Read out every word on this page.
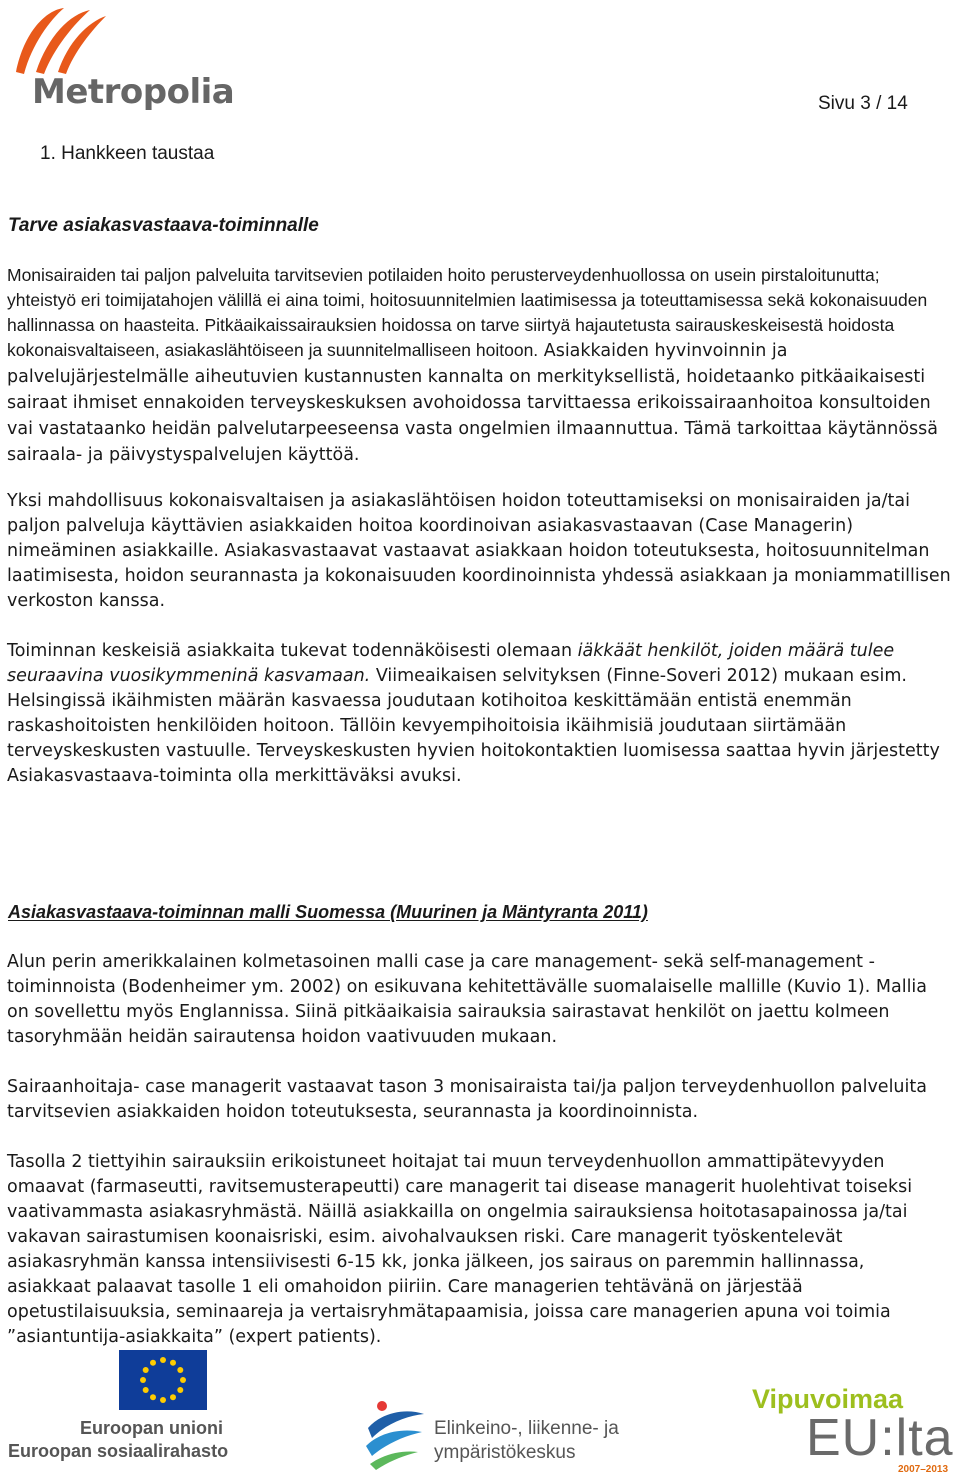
Metropolia	Sivu 3 / 14
1. Hankkeen taustaa
Tarve asiakasvastaava-toiminnalle

Monisairaiden tai paljon palveluita tarvitsevien potilaiden hoito perusterveydenhuollossa on usein pirstaloitunutta; yhteistyö eri toimijatahojen välillä ei aina toimi, hoitosuunnitelmien laatimisessa ja toteuttamisessa sekä kokonaisuuden hallinnassa on haasteita. Pitkäaikaissairauksien hoidossa on tarve siirtyä hajautetusta sairauskeskeisestä hoidosta kokonaisvaltaiseen, asiakaslähtöiseen ja suunnitelmalliseen hoitoon. Asiakkaiden hyvinvoinnin ja palvelujärjestelmälle aiheutuvien kustannusten kannalta on merkityksellistä, hoidetaanko pitkäaikaisesti sairaat ihmiset ennakoiden terveyskeskuksen avohoidossa tarvittaessa erikoissairaanhoitoa konsultoiden vai vastataanko heidän palvelutarpeeseensa vasta ongelmien ilmaannuttua. Tämä tarkoittaa käytännössä sairaala- ja päivystyspalvelujen käyttöä.

Yksi mahdollisuus kokonaisvaltaisen ja asiakaslähtöisen hoidon toteuttamiseksi on monisairaiden ja/tai paljon palveluja käyttävien asiakkaiden hoitoa koordinoivan asiakasvastaavan (Case Managerin) nimeäminen asiakkaille. Asiakasvastaavat vastaavat asiakkaan hoidon toteutuksesta, hoitosuunnitelman laatimisesta, hoidon seurannasta ja kokonaisuuden koordinoinnista yhdessä asiakkaan ja moniammatillisen verkoston kanssa.

Toiminnan keskeisiä asiakkaita tukevat todennäköisesti olemaan iäkkäät henkilöt, joiden määrä tulee seuraavina vuosikymmeninä kasvamaan. Viimeaikaisen selvityksen (Finne-Soveri 2012) mukaan esim. Helsingissä ikäihmisten määrän kasvaessa joudutaan kotihoitoa keskittämään entistä enemmän raskashoitoisten henkilöiden hoitoon. Tällöin kevyempihoitoisia ikäihmisiä joudutaan siirtämään terveyskeskusten vastuulle. Terveyskeskusten hyvien hoitokontaktien luomisessa saattaa hyvin järjestetty Asiakasvastaava-toiminta olla merkittäväksi avuksi.

Asiakasvastaava-toiminnan malli Suomessa (Muurinen ja Mäntyranta 2011)

Alun perin amerikkalainen kolmetasoinen malli case ja care management- sekä self-management -toiminnoista (Bodenheimer ym. 2002) on esikuvana kehitettävälle suomalaiselle mallille (Kuvio 1). Mallia on sovellettu myös Englannissa. Siinä pitkäaikaisia sairauksia sairastavat henkilöt on jaettu kolmeen tasoryhmään heidän sairautensa hoidon vaativuuden mukaan.

Sairaanhoitaja- case managerit vastaavat tason 3 monisairaista tai/ja paljon terveydenhuollon palveluita tarvitsevien asiakkaiden hoidon toteutuksesta, seurannasta ja koordinoinnista.

Tasolla 2 tiettyihin sairauksiin erikoistuneet hoitajat tai muun terveydenhuollon ammattipätevyyden omaavat (farmaseutti, ravitsemusterapeutti) care managerit tai disease managerit huolehtivat toiseksi vaativammasta asiakasryhmästä. Näillä asiakkailla on ongelmia sairauksiensa hoitotasapainossa ja/tai vakavan sairastumisen koonaisriski, esim. aivohalvauksen riski. Care managerit työskentelevät asiakasryhmän kanssa intensiivisesti 6-15 kk, jonka jälkeen, jos sairaus on paremmin hallinnassa, asiakkaat palaavat tasolle 1 eli omahoidon piiriin. Care managerien tehtävänä on järjestää opetustilaisuuksia, seminaareja ja vertaisryhmätapaamisia, joissa care managerien apuna voi toimia ”asiantuntija-asiakkaita” (expert patients).

Euroopan unioni
Euroopan sosiaalirahasto
Elinkeino-, liikenne- ja
ympäristökeskus
Vipuvoimaa
EU:lta
2007–2013
